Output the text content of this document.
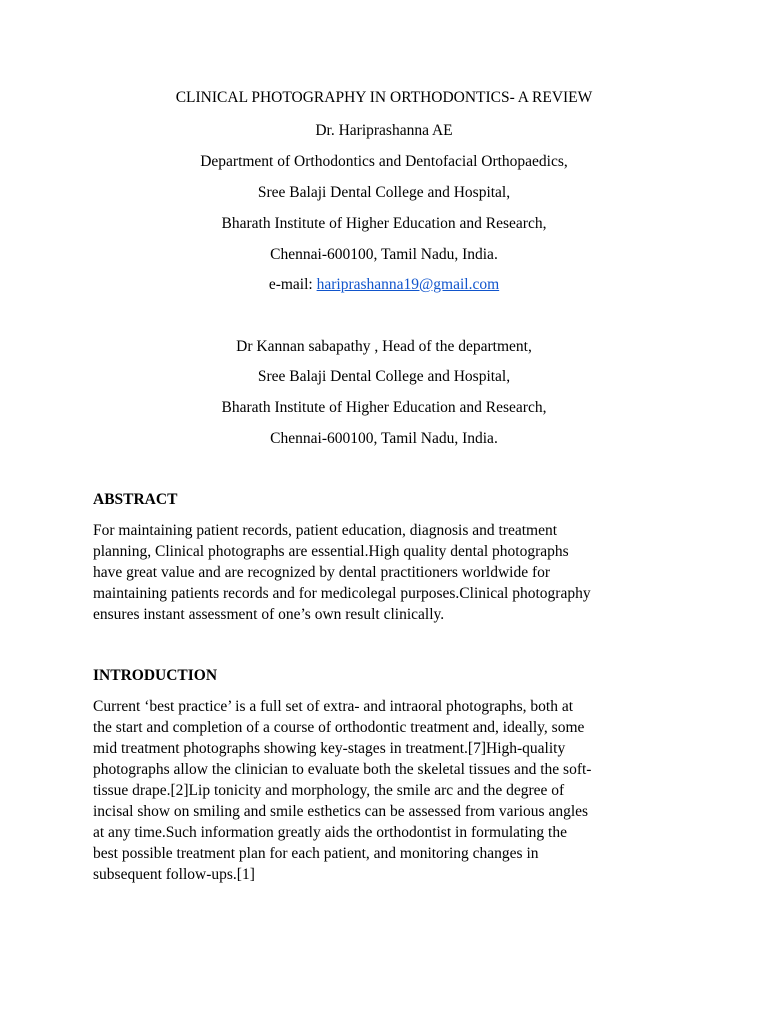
CLINICAL PHOTOGRAPHY IN ORTHODONTICS- A REVIEW
Dr. Hariprashanna AE
Department of Orthodontics and Dentofacial Orthopaedics,
Sree Balaji Dental College and Hospital,
Bharath Institute of Higher Education and Research,
Chennai-600100, Tamil Nadu, India.
e-mail: hariprashanna19@gmail.com
Dr Kannan sabapathy , Head of the department,
Sree Balaji Dental College and Hospital,
Bharath Institute of Higher Education and Research,
Chennai-600100, Tamil Nadu, India.
ABSTRACT
For maintaining patient records, patient education, diagnosis and treatment
planning, Clinical photographs are essential.High quality dental photographs
have great value and are recognized by dental practitioners worldwide for
maintaining patients records and for medicolegal purposes.Clinical photography
ensures instant assessment of one’s own result clinically.
INTRODUCTION
Current ‘best practice’ is a full set of extra- and intraoral photographs, both at
the start and completion of a course of orthodontic treatment and, ideally, some
mid treatment photographs showing key-stages in treatment.[7]High-quality
photographs allow the clinician to evaluate both the skeletal tissues and the soft-
tissue drape.[2]Lip tonicity and morphology, the smile arc and the degree of
incisal show on smiling and smile esthetics can be assessed from various angles
at any time.Such information greatly aids the orthodontist in formulating the
best possible treatment plan for each patient, and monitoring changes in
subsequent follow-ups.[1]
